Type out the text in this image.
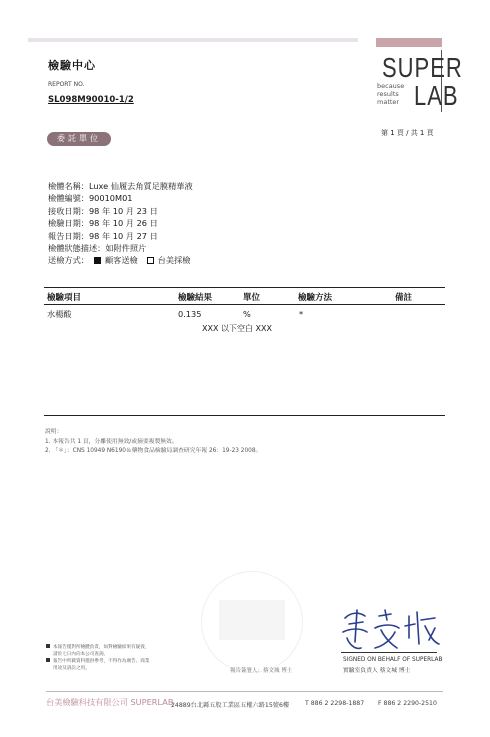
檢驗中心
REPORT NO.
SL098M90010-1/2
委託單位
SUPER
LAB
because
results
matter
第 1 頁 / 共 1 頁
檢體名稱：Luxe 仙履去角質足膜精華液
檢體編號：90010M01
接收日期：98 年 10 月 23 日
檢驗日期：98 年 10 月 26 日
報告日期：98 年 10 月 27 日
檢體狀態描述：如附件照片
送檢方式： 顧客送檢 台美採檢
檢驗項目	檢驗結果	單位	檢驗方法	備註
水楊酸	0.135	%	*
XXX 以下空白 XXX
說明：
1. 本報告共 1 頁，分離使用無效/或摘要複製無效。
2. 「＊」：CNS 10949 N6190＆藥物食品檢驗局調查研究年報 26：19-23 2008。
本報告僅對所檢體負責，如對檢驗結果有疑義，
請於七日內向本公司查詢。
報告中所載資料僅供參考，不得作為廣告、商業
用途及訴訟之用。	報告簽署人：蔡文城 博士
SIGNED ON BEHALF OF SUPERLAB
實驗室負責人 蔡文城 博士
台美檢驗科技有限公司 SUPERLAB
24889台北縣五股工業區五權六路15號6樓	T 886 2 2298-1887 F 886 2 2290-2510
